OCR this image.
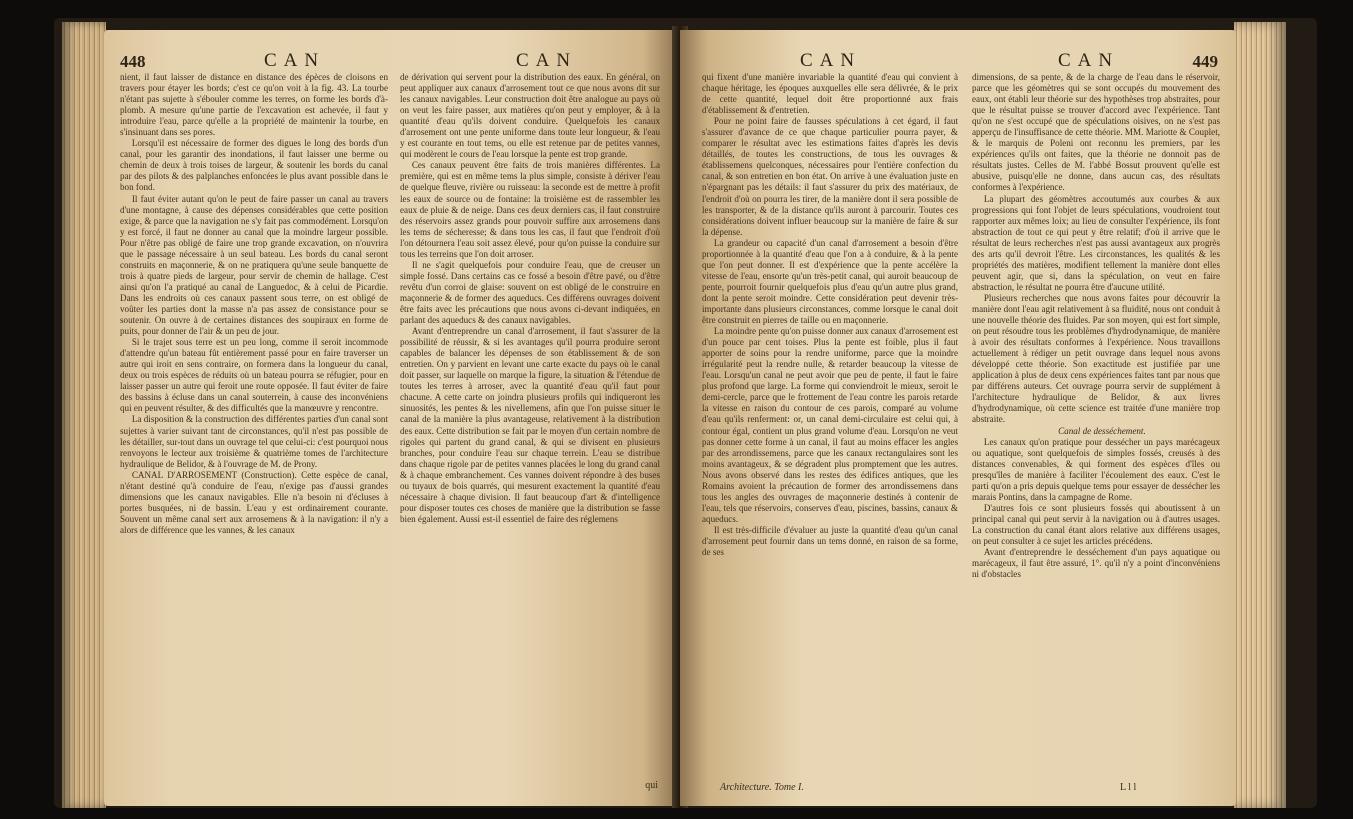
448	CAN	CAN

nient, il faut laisser de distance en distance des épèces de cloisons en travers pour étayer les bords; c'est ce qu'on voit à la fig. 43. La tourbe n'étant pas sujette à s'ébouler comme les terres, on forme les bords d'à-plomb. A mesure qu'une partie de l'excavation est achevée, il faut y introduire l'eau, parce qu'elle a la propriété de maintenir la tourbe, en s'insinuant dans ses pores.

Lorsqu'il est nécessaire de former des digues le long des bords d'un canal, pour les garantir des inondations, il faut laisser une berme ou chemin de deux à trois toises de largeur, & soutenir les bords du canal par des pilots & des palplanches enfoncées le plus avant possible dans le bon fond.

Il faut éviter autant qu'on le peut de faire passer un canal au travers d'une montagne, à cause des dépenses considérables que cette position exige, & parce que la navigation ne s'y fait pas commodément. Lorsqu'on y est forcé, il faut ne donner au canal que la moindre largeur possible. Pour n'être pas obligé de faire une trop grande excavation, on n'ouvrira que le passage nécessaire à un seul bateau. Les bords du canal seront construits en maçonnerie, & on ne pratiquera qu'une seule banquette de trois à quatre pieds de largeur, pour servir de chemin de hallage. C'est ainsi qu'on l'a pratiqué au canal de Languedoc, & à celui de Picardie. Dans les endroits où ces canaux passent sous terre, on est obligé de voûter les parties dont la masse n'a pas assez de consistance pour se soutenir. On ouvre à de certaines distances des soupiraux en forme de puits, pour donner de l'air & un peu de jour.

Si le trajet sous terre est un peu long, comme il seroit incommode d'attendre qu'un bateau fût entièrement passé pour en faire traverser un autre qui iroit en sens contraire, on formera dans la longueur du canal, deux ou trois espèces de réduits où un bateau pourra se réfugier, pour en laisser passer un autre qui feroit une route opposée. Il faut éviter de faire des bassins à écluse dans un canal souterrein, à cause des inconvéniens qui en peuvent résulter, & des difficultés que la manœuvre y rencontre.

La disposition & la construction des différentes parties d'un canal sont sujettes à varier suivant tant de circonstances, qu'il n'est pas possible de les détailler, sur-tout dans un ouvrage tel que celui-ci: c'est pourquoi nous renvoyons le lecteur aux troisième & quatrième tomes de l'architecture hydraulique de Belidor, & à l'ouvrage de M. de Prony.

CANAL D'ARROSEMENT (Construction). Cette espèce de canal, n'étant destiné qu'à conduire de l'eau, n'exige pas d'aussi grandes dimensions que les canaux navigables. Elle n'a besoin ni d'écluses à portes busquées, ni de bassin. L'eau y est ordinairement courante. Souvent un même canal sert aux arrosemens & à la navigation: il n'y a alors de différence que les vannes, & les canaux

de dérivation qui servent pour la distribution des eaux. En général, on peut appliquer aux canaux d'arrosement tout ce que nous avons dit sur les canaux navigables. Leur construction doit être analogue au pays où on veut les faire passer, aux matières qu'on peut y employer, & à la quantité d'eau qu'ils doivent conduire. Quelquefois les canaux d'arrosement ont une pente uniforme dans toute leur longueur, & l'eau y est courante en tout tems, ou elle est retenue par de petites vannes, qui modèrent le cours de l'eau lorsque la pente est trop grande.

Ces canaux peuvent être faits de trois manières différentes. La première, qui est en même tems la plus simple, consiste à dériver l'eau de quelque fleuve, rivière ou ruisseau: la seconde est de mettre à profit les eaux de source ou de fontaine: la troisième est de rassembler les eaux de pluie & de neige. Dans ces deux derniers cas, il faut construire des réservoirs assez grands pour pouvoir suffire aux arrosemens dans les tems de sécheresse; & dans tous les cas, il faut que l'endroit d'où l'on détournera l'eau soit assez élevé, pour qu'on puisse la conduire sur tous les terreins que l'on doit arroser.

Il ne s'agit quelquefois pour conduire l'eau, que de creuser un simple fossé. Dans certains cas ce fossé a besoin d'être pavé, ou d'être revêtu d'un corroi de glaise: souvent on est obligé de le construire en maçonnerie & de former des aqueducs. Ces différens ouvrages doivent être faits avec les précautions que nous avons ci-devant indiquées, en parlant des aqueducs & des canaux navigables.

Avant d'entreprendre un canal d'arrosement, il faut s'assurer de la possibilité de réussir, & si les avantages qu'il pourra produire seront capables de balancer les dépenses de son établissement & de son entretien. On y parvient en levant une carte exacte du pays où le canal doit passer, sur laquelle on marque la figure, la situation & l'étendue de toutes les terres à arroser, avec la quantité d'eau qu'il faut pour chacune. A cette carte on joindra plusieurs profils qui indiqueront les sinuosités, les pentes & les nivellemens, afin que l'on puisse situer le canal de la manière la plus avantageuse, relativement à la distribution des eaux. Cette distribution se fait par le moyen d'un certain nombre de rigoles qui partent du grand canal, & qui se divisent en plusieurs branches, pour conduire l'eau sur chaque terrein. L'eau se distribue dans chaque rigole par de petites vannes placées le long du grand canal & à chaque embranchement. Ces vannes doivent répondre à des buses ou tuyaux de bois quarrés, qui mesurent exactement la quantité d'eau nécessaire à chaque division. Il faut beaucoup d'art & d'intelligence pour disposer toutes ces choses de manière que la distribution se fasse bien également. Aussi est-il essentiel de faire des réglemens

qui
CAN	CAN	449

qui fixent d'une manière invariable la quantité d'eau qui convient à chaque héritage, les époques auxquelles elle sera délivrée, & le prix de cette quantité, lequel doit être proportionné aux frais d'établissement & d'entretien.

Pour ne point faire de fausses spéculations à cet égard, il faut s'assurer d'avance de ce que chaque particulier pourra payer, & comparer le résultat avec les estimations faites d'après les devis détaillés, de toutes les constructions, de tous les ouvrages & établissemens quelconques, nécessaires pour l'entière confection du canal, & son entretien en bon état. On arrive à une évaluation juste en n'épargnant pas les détails: il faut s'assurer du prix des matériaux, de l'endroit d'où on pourra les tirer, de la manière dont il sera possible de les transporter, & de la distance qu'ils auront à parcourir. Toutes ces considérations doivent influer beaucoup sur la manière de faire & sur la dépense.

La grandeur ou capacité d'un canal d'arrosement a besoin d'être proportionnée à la quantité d'eau que l'on a à conduire, & à la pente que l'on peut donner. Il est d'expérience que la pente accélère la vitesse de l'eau, ensorte qu'un très-petit canal, qui auroit beaucoup de pente, pourroit fournir quelquefois plus d'eau qu'un autre plus grand, dont la pente seroit moindre. Cette considération peut devenir très-importante dans plusieurs circonstances, comme lorsque le canal doit être construit en pierres de taille ou en maçonnerie.

La moindre pente qu'on puisse donner aux canaux d'arrosement est d'un pouce par cent toises. Plus la pente est foible, plus il faut apporter de soins pour la rendre uniforme, parce que la moindre irrégularité peut la rendre nulle, & retarder beaucoup la vitesse de l'eau. Lorsqu'un canal ne peut avoir que peu de pente, il faut le faire plus profond que large. La forme qui conviendroit le mieux, seroit le demi-cercle, parce que le frottement de l'eau contre les parois retarde la vitesse en raison du contour de ces parois, comparé au volume d'eau qu'ils renferment: or, un canal demi-circulaire est celui qui, à contour égal, contient un plus grand volume d'eau. Lorsqu'on ne veut pas donner cette forme à un canal, il faut au moins effacer les angles par des arrondissemens, parce que les canaux rectangulaires sont les moins avantageux, & se dégradent plus promptement que les autres. Nous avons observé dans les restes des édifices antiques, que les Romains avoient la précaution de former des arrondissemens dans tous les angles des ouvrages de maçonnerie destinés à contenir de l'eau, tels que réservoirs, conserves d'eau, piscines, bassins, canaux & aqueducs.

Il est très-difficile d'évaluer au juste la quantité d'eau qu'un canal d'arrosement peut fournir dans un tems donné, en raison de sa forme, de ses

dimensions, de sa pente, & de la charge de l'eau dans le réservoir, parce que les géomètres qui se sont occupés du mouvement des eaux, ont établi leur théorie sur des hypothèses trop abstraites, pour que le résultat puisse se trouver d'accord avec l'expérience. Tant qu'on ne s'est occupé que de spéculations oisives, on ne s'est pas apperçu de l'insuffisance de cette théorie. MM. Mariotte & Couplet, & le marquis de Poleni ont reconnu les premiers, par les expériences qu'ils ont faites, que la théorie ne donnoit pas de résultats justes. Celles de M. l'abbé Bossut prouvent qu'elle est abusive, puisqu'elle ne donne, dans aucun cas, des résultats conformes à l'expérience.

La plupart des géomètres accoutumés aux courbes & aux progressions qui font l'objet de leurs spéculations, voudroient tout rapporter aux mêmes loix; au lieu de consulter l'expérience, ils font abstraction de tout ce qui peut y être relatif; d'où il arrive que le résultat de leurs recherches n'est pas aussi avantageux aux progrès des arts qu'il devroit l'être. Les circonstances, les qualités & les propriétés des matières, modifient tellement la manière dont elles peuvent agir, que si, dans la spéculation, on veut en faire abstraction, le résultat ne pourra être d'aucune utilité.

Plusieurs recherches que nous avons faites pour découvrir la manière dont l'eau agit relativement à sa fluidité, nous ont conduit à une nouvelle théorie des fluides. Par son moyen, qui est fort simple, on peut résoudre tous les problèmes d'hydrodynamique, de manière à avoir des résultats conformes à l'expérience. Nous travaillons actuellement à rédiger un petit ouvrage dans lequel nous avons développé cette théorie. Son exactitude est justifiée par une application à plus de deux cens expériences faites tant par nous que par différens auteurs. Cet ouvrage pourra servir de supplément à l'architecture hydraulique de Belidor, & aux livres d'hydrodynamique, où cette science est traitée d'une manière trop abstraite.

Canal de desséchement.

Les canaux qu'on pratique pour dessécher un pays marécageux ou aquatique, sont quelquefois de simples fossés, creusés à des distances convenables, & qui forment des espèces d'îles ou presqu'îles de manière à faciliter l'écoulement des eaux. C'est le parti qu'on a pris depuis quelque tems pour essayer de dessécher les marais Pontins, dans la campagne de Rome.

D'autres fois ce sont plusieurs fossés qui aboutissent à un principal canal qui peut servir à la navigation ou à d'autres usages. La construction du canal étant alors relative aux différens usages, on peut consulter à ce sujet les articles précédens.

Avant d'entreprendre le desséchement d'un pays aquatique ou marécageux, il faut être assuré, 1°. qu'il n'y a point d'inconvéniens ni d'obstacles

Architecture. Tome I.	L l l
